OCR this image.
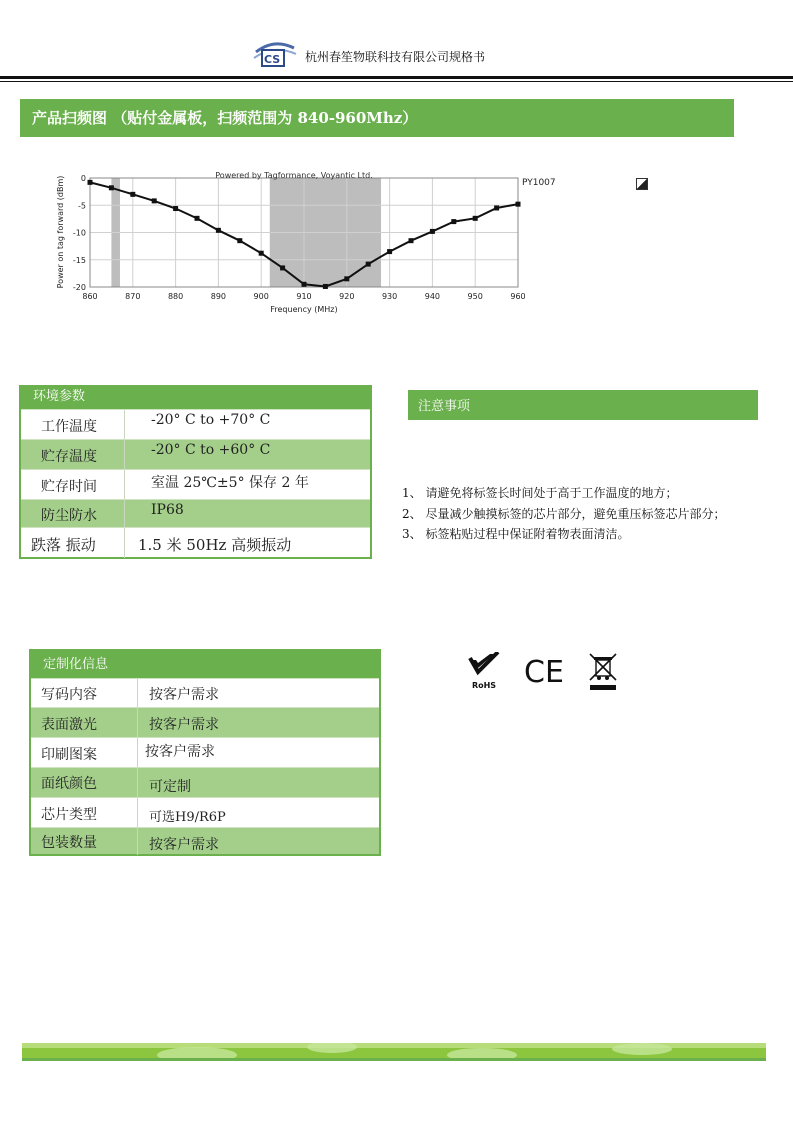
CS 杭州春笙物联科技有限公司规格书
产品扫频图 （贴付金属板，扫频范围为 840-960Mhz）
Powered by Tagformance, Voyantic Ltd.
0
-5
-10
-15
-20
860	870	880	890	900	910	920	930	940	950	960
Frequency (MHz)
Power on tag forward (dBm)	PY1007
环境参数
工作温度	-20° C to +70° C
贮存温度	-20° C to +60° C
贮存时间	室温 25℃±5° 保存 2 年
防尘防水	IP68
跌落 振动	1.5 米 50Hz 高频振动
注意事项
1、 请避免将标签长时间处于高于工作温度的地方；
2、 尽量减少触摸标签的芯片部分，避免重压标签芯片部分；
3、 标签粘贴过程中保证附着物表面清洁。
定制化信息
写码内容	按客户需求
表面激光	按客户需求
印刷图案	按客户需求
面纸颜色	可定制
芯片类型	可选H9/R6P
包装数量	按客户需求
RoHS CE
